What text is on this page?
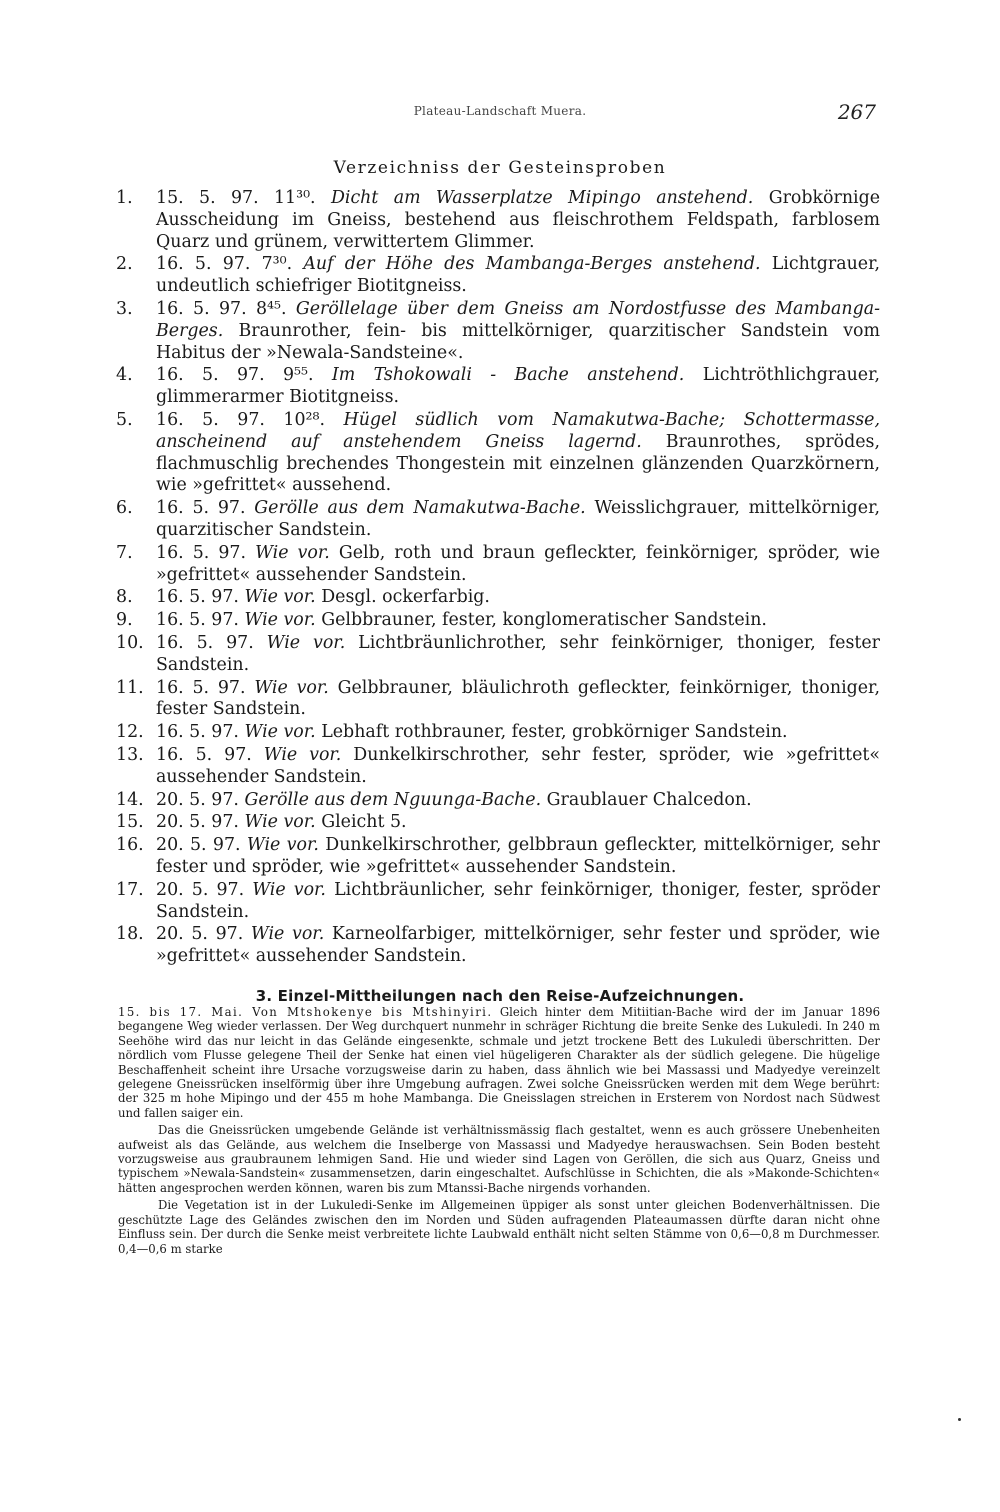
Plateau-Landschaft Muera.	267
Verzeichniss der Gesteinsproben
1.	15. 5. 97. 11³⁰. Dicht am Wasserplatze Mipingo anstehend. Grobkörnige Ausscheidung im Gneiss, bestehend aus fleischrothem Feldspath, farblosem Quarz und grünem, verwittertem Glimmer.
2.	16. 5. 97. 7³⁰. Auf der Höhe des Mambanga-Berges anstehend. Lichtgrauer, undeutlich schiefriger Biotitgneiss.
3.	16. 5. 97. 8⁴⁵. Geröllelage über dem Gneiss am Nordostfusse des Mambanga-Berges. Braunrother, fein- bis mittelkörniger, quarzitischer Sandstein vom Habitus der »Newala-Sandsteine«.
4.	16. 5. 97. 9⁵⁵. Im Tshokowali - Bache anstehend. Lichtröthlichgrauer, glimmerarmer Biotitgneiss.
5.	16. 5. 97. 10²⁸. Hügel südlich vom Namakutwa-Bache; Schottermasse, anscheinend auf anstehendem Gneiss lagernd. Braunrothes, sprödes, flachmuschlig brechendes Thongestein mit einzelnen glänzenden Quarzkörnern, wie »gefrittet« aussehend.
6.	16. 5. 97. Gerölle aus dem Namakutwa-Bache. Weisslichgrauer, mittelkörniger, quarzitischer Sandstein.
7.	16. 5. 97. Wie vor. Gelb, roth und braun gefleckter, feinkörniger, spröder, wie »gefrittet« aussehender Sandstein.
8.	16. 5. 97. Wie vor. Desgl. ockerfarbig.
9.	16. 5. 97. Wie vor. Gelbbrauner, fester, konglomeratischer Sandstein.
10. 16. 5. 97. Wie vor. Lichtbräunlichrother, sehr feinkörniger, thoniger, fester Sandstein.
11. 16. 5. 97. Wie vor. Gelbbrauner, bläulichroth gefleckter, feinkörniger, thoniger, fester Sandstein.
12. 16. 5. 97. Wie vor. Lebhaft rothbrauner, fester, grobkörniger Sandstein.
13. 16. 5. 97. Wie vor. Dunkelkirschrother, sehr fester, spröder, wie »gefrittet« aussehender Sandstein.
14. 20. 5. 97. Gerölle aus dem Nguunga-Bache. Graublauer Chalcedon.
15. 20. 5. 97. Wie vor. Gleicht 5.
16. 20. 5. 97. Wie vor. Dunkelkirschrother, gelbbraun gefleckter, mittelkörniger, sehr fester und spröder, wie »gefrittet« aussehender Sandstein.
17. 20. 5. 97. Wie vor. Lichtbräunlicher, sehr feinkörniger, thoniger, fester, spröder Sandstein.
18. 20. 5. 97. Wie vor. Karneolfarbiger, mittelkörniger, sehr fester und spröder, wie »gefrittet« aussehender Sandstein.
3. Einzel-Mittheilungen nach den Reise-Aufzeichnungen.

15. bis 17. Mai. Von Mtshokenye bis Mtshinyiri. Gleich hinter dem Mitiitian-Bache wird der im Januar 1896 begangene Weg wieder verlassen. Der Weg durchquert nunmehr in schräger Richtung die breite Senke des Lukuledi. In 240 m Seehöhe wird das nur leicht in das Gelände eingesenkte, schmale und jetzt trockene Bett des Lukuledi überschritten. Der nördlich vom Flusse gelegene Theil der Senke hat einen viel hügeligeren Charakter als der südlich gelegene. Die hügelige Beschaffenheit scheint ihre Ursache vorzugsweise darin zu haben, dass ähnlich wie bei Massassi und Madyedye vereinzelt gelegene Gneissrücken inselförmig über ihre Umgebung aufragen. Zwei solche Gneissrücken werden mit dem Wege berührt: der 325 m hohe Mipingo und der 455 m hohe Mambanga. Die Gneisslagen streichen in Ersterem von Nordost nach Südwest und fallen saiger ein.

Das die Gneissrücken umgebende Gelände ist verhältnissmässig flach gestaltet, wenn es auch grössere Unebenheiten aufweist als das Gelände, aus welchem die Inselberge von Massassi und Madyedye herauswachsen. Sein Boden besteht vorzugsweise aus graubraunem lehmigen Sand. Hie und wieder sind Lagen von Geröllen, die sich aus Quarz, Gneiss und typischem »Newala-Sandstein« zusammensetzen, darin eingeschaltet. Aufschlüsse in Schichten, die als »Makonde-Schichten« hätten angesprochen werden können, waren bis zum Mtanssi-Bache nirgends vorhanden.

Die Vegetation ist in der Lukuledi-Senke im Allgemeinen üppiger als sonst unter gleichen Bodenverhältnissen. Die geschützte Lage des Geländes zwischen den im Norden und Süden aufragenden Plateaumassen dürfte daran nicht ohne Einfluss sein. Der durch die Senke meist verbreitete lichte Laubwald enthält nicht selten Stämme von 0,6—0,8 m Durchmesser. 0,4—0,6 m starke
